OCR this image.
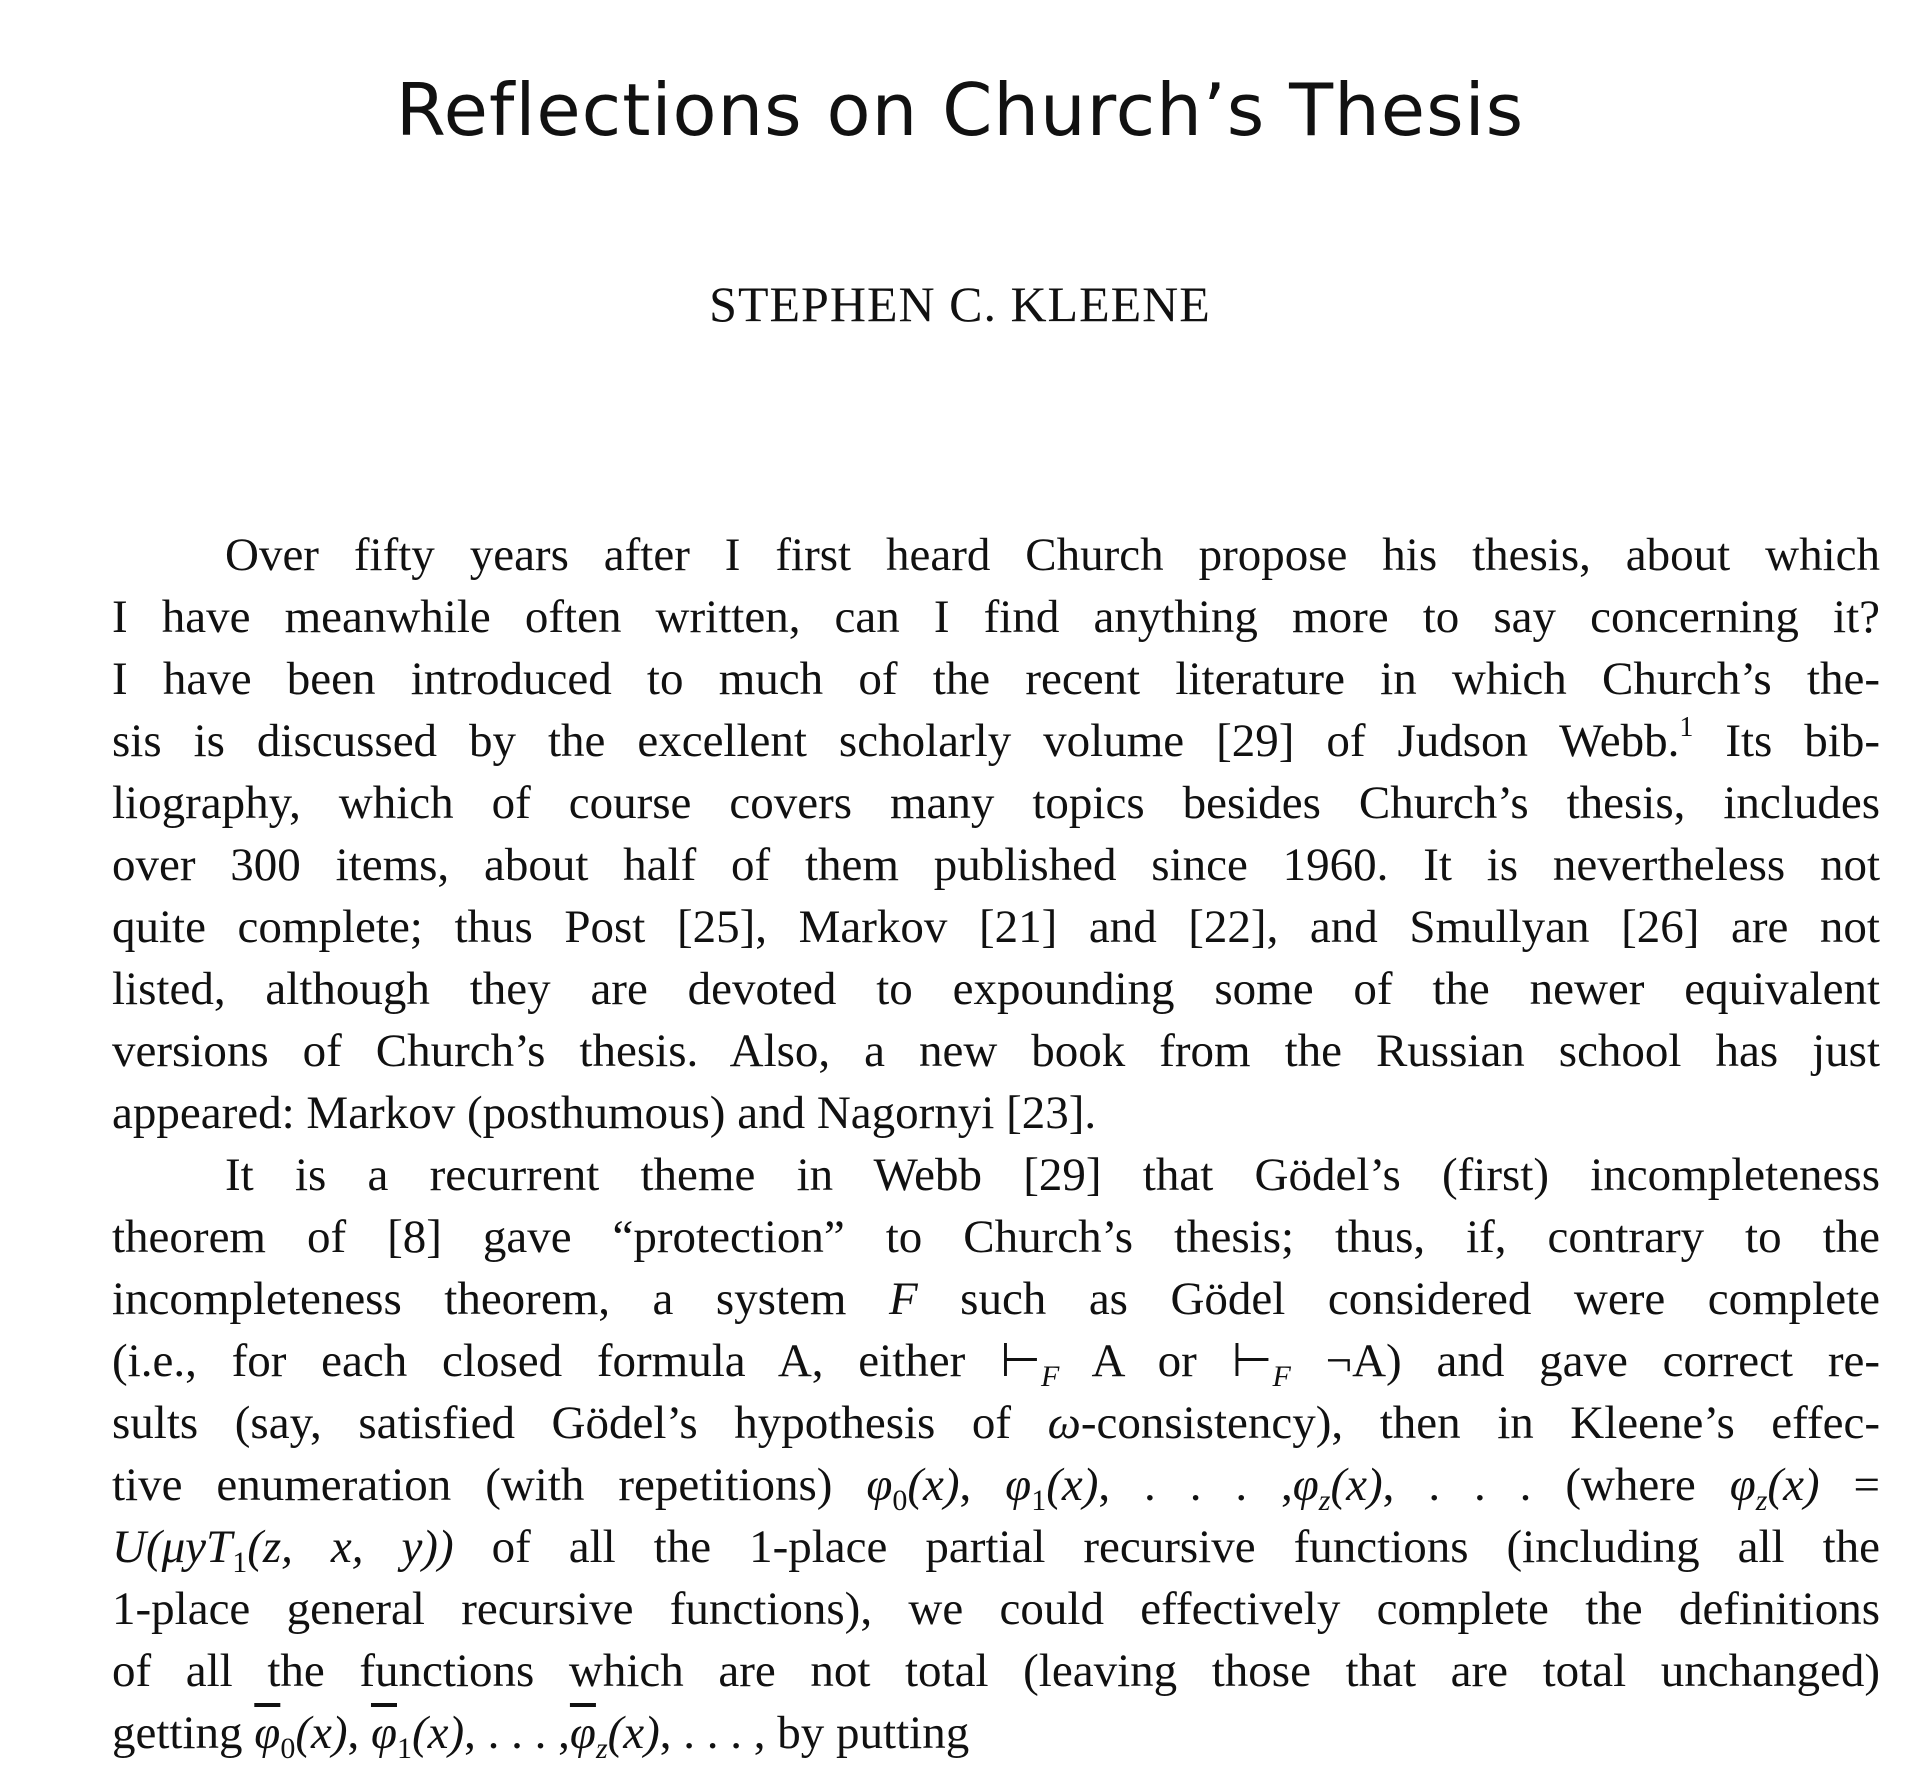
Reflections on Church’s Thesis
STEPHEN C. KLEENE
Over fifty years after I first heard Church propose his thesis, about which
I have meanwhile often written, can I find anything more to say concerning it?
I have been introduced to much of the recent literature in which Church’s the-
sis is discussed by the excellent scholarly volume [29] of Judson Webb.$^1$ Its bib-
liography, which of course covers many topics besides Church’s thesis, includes
over 300 items, about half of them published since 1960. It is nevertheless not
quite complete; thus Post [25], Markov [21] and [22], and Smullyan [26] are not
listed, although they are devoted to expounding some of the newer equivalent
versions of Church’s thesis. Also, a new book from the Russian school has just
appeared: Markov (posthumous) and Nagornyi [23].
It is a recurrent theme in Webb [29] that Gödel’s (first) incompleteness
theorem of [8] gave “protection” to Church’s thesis; thus, if, contrary to the
incompleteness theorem, a system F such as Gödel considered were complete
(i.e., for each closed formula A, either $⊢_F$ A or $⊢_F$ ¬A) and gave correct re-
sults (say, satisfied Gödel’s hypothesis of ω-consistency), then in Kleene’s effec-
tive enumeration (with repetitions) $\varphi_0(x)$, $\varphi_1(x)$, . . . $,\varphi_z(x)$, . . . (where $\varphi_z(x)$ =
U(μyT$_1$(z, x, y)) of all the 1-place partial recursive functions (including all the
1-place general recursive functions), we could effectively complete the definitions
of all the functions which are not total (leaving those that are total unchanged)
getting $\overline{\varphi}_0(x)$, $\overline{\varphi}_1(x)$, . . . $,\overline{\varphi}_z(x)$, . . . , by putting
